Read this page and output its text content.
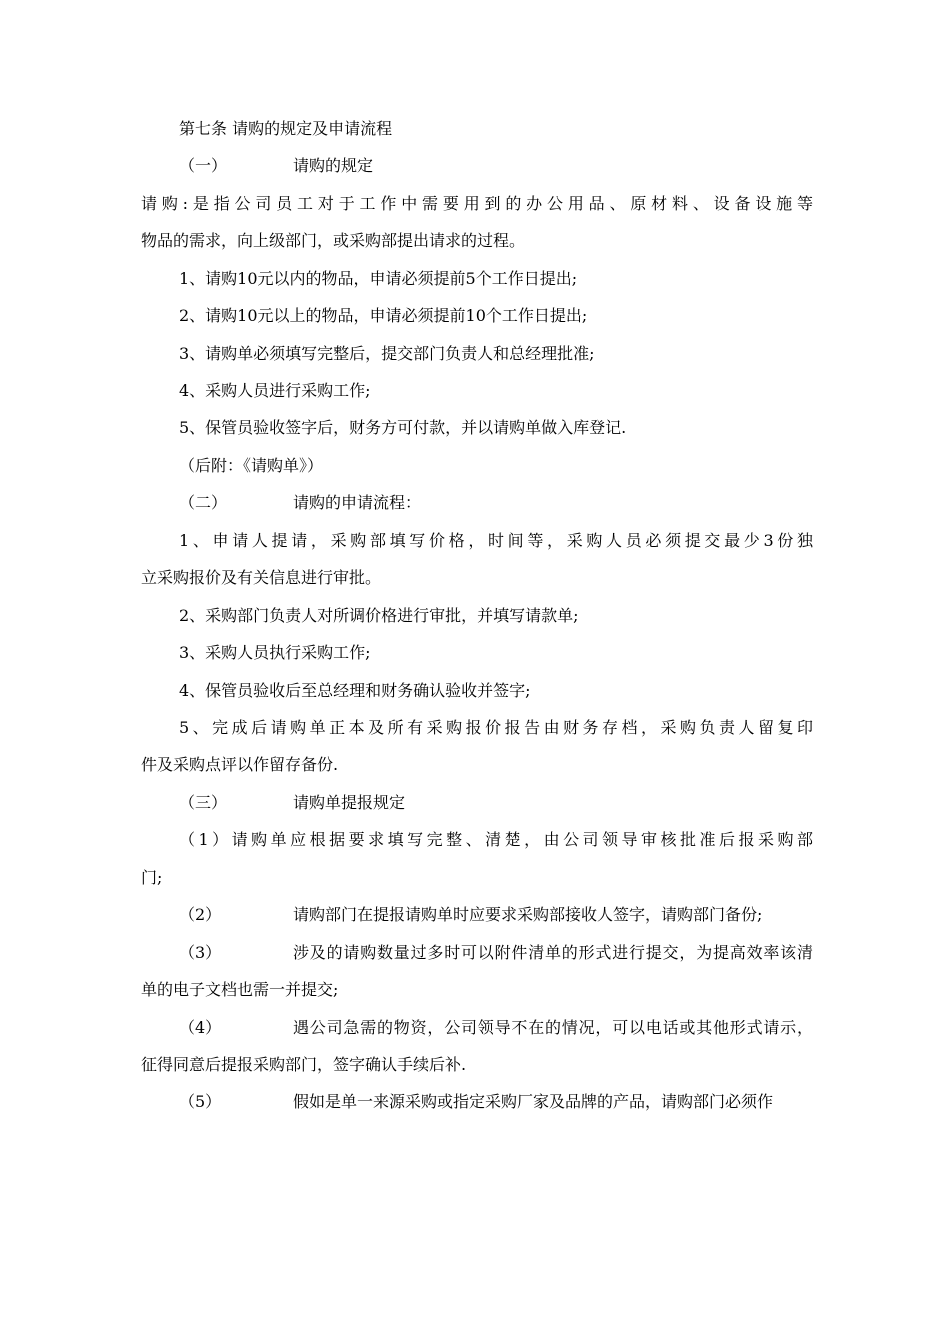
第七条 请购的规定及申请流程
（一）	请购的规定
请购:是指公司员工对于工作中需要用到的办公用品、原材料、设备设施等
物品的需求，向上级部门，或采购部提出请求的过程。
1、请购10元以内的物品，申请必须提前5个工作日提出;
2、请购10元以上的物品，申请必须提前10个工作日提出;
3、请购单必须填写完整后，提交部门负责人和总经理批准;
4、采购人员进行采购工作;
5、保管员验收签字后，财务方可付款，并以请购单做入库登记.
（后附：《请购单》）
（二）	请购的申请流程：
1、申请人提请，采购部填写价格，时间等，采购人员必须提交最少3份独
立采购报价及有关信息进行审批。
2、采购部门负责人对所调价格进行审批，并填写请款单;
3、采购人员执行采购工作;
4、保管员验收后至总经理和财务确认验收并签字;
5、完成后请购单正本及所有采购报价报告由财务存档，采购负责人留复印
件及采购点评以作留存备份.
（三）	请购单提报规定
（1）请购单应根据要求填写完整、清楚，由公司领导审核批准后报采购部
门;
（2）	请购部门在提报请购单时应要求采购部接收人签字，请购部门备份;
（3）	涉及的请购数量过多时可以附件清单的形式进行提交，为提高效率该清
单的电子文档也需一并提交;
（4）	遇公司急需的物资，公司领导不在的情况，可以电话或其他形式请示，
征得同意后提报采购部门，签字确认手续后补.
（5）	假如是单一来源采购或指定采购厂家及品牌的产品，请购部门必须作
